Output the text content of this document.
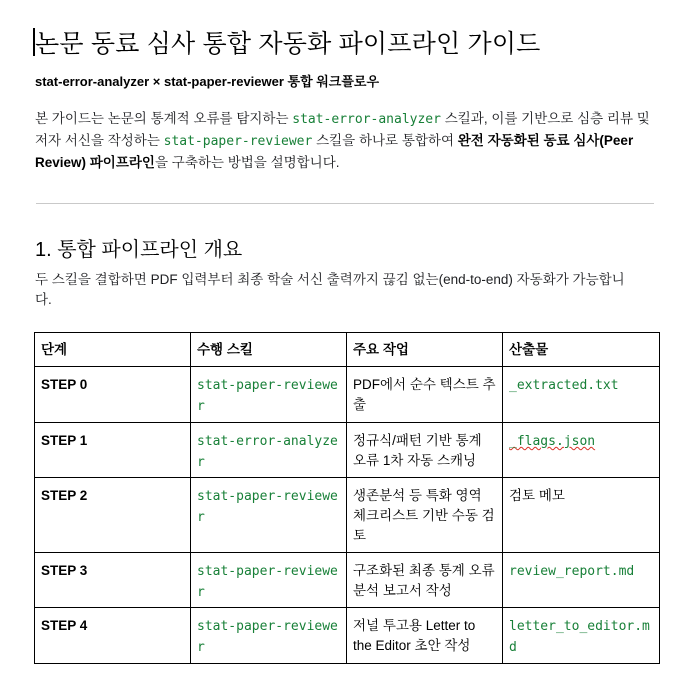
논문 동료 심사 통합 자동화 파이프라인 가이드

stat-error-analyzer × stat-paper-reviewer 통합 워크플로우

본 가이드는 논문의 통계적 오류를 탐지하는 stat-error-analyzer 스킬과, 이를 기반으로 심층 리뷰 및 저자 서신을 작성하는 stat-paper-reviewer 스킬을 하나로 통합하여 완전 자동화된 동료 심사(Peer Review) 파이프라인을 구축하는 방법을 설명합니다.

1. 통합 파이프라인 개요

두 스킬을 결합하면 PDF 입력부터 최종 학술 서신 출력까지 끊김 없는(end-to-end) 자동화가 가능합니다.

단계	수행 스킬	주요 작업	산출물
STEP 0	stat-paper-reviewer	PDF에서 순수 텍스트 추출	_extracted.txt
STEP 1	stat-error-analyzer	정규식/패턴 기반 통계 오류 1차 자동 스캐닝	_flags.json
STEP 2	stat-paper-reviewer	생존분석 등 특화 영역 체크리스트 기반 수동 검토	검토 메모
STEP 3	stat-paper-reviewer	구조화된 최종 통계 오류 분석 보고서 작성	review_report.md
STEP 4	stat-paper-reviewer	저널 투고용 Letter to the Editor 초안 작성	letter_to_editor.md
